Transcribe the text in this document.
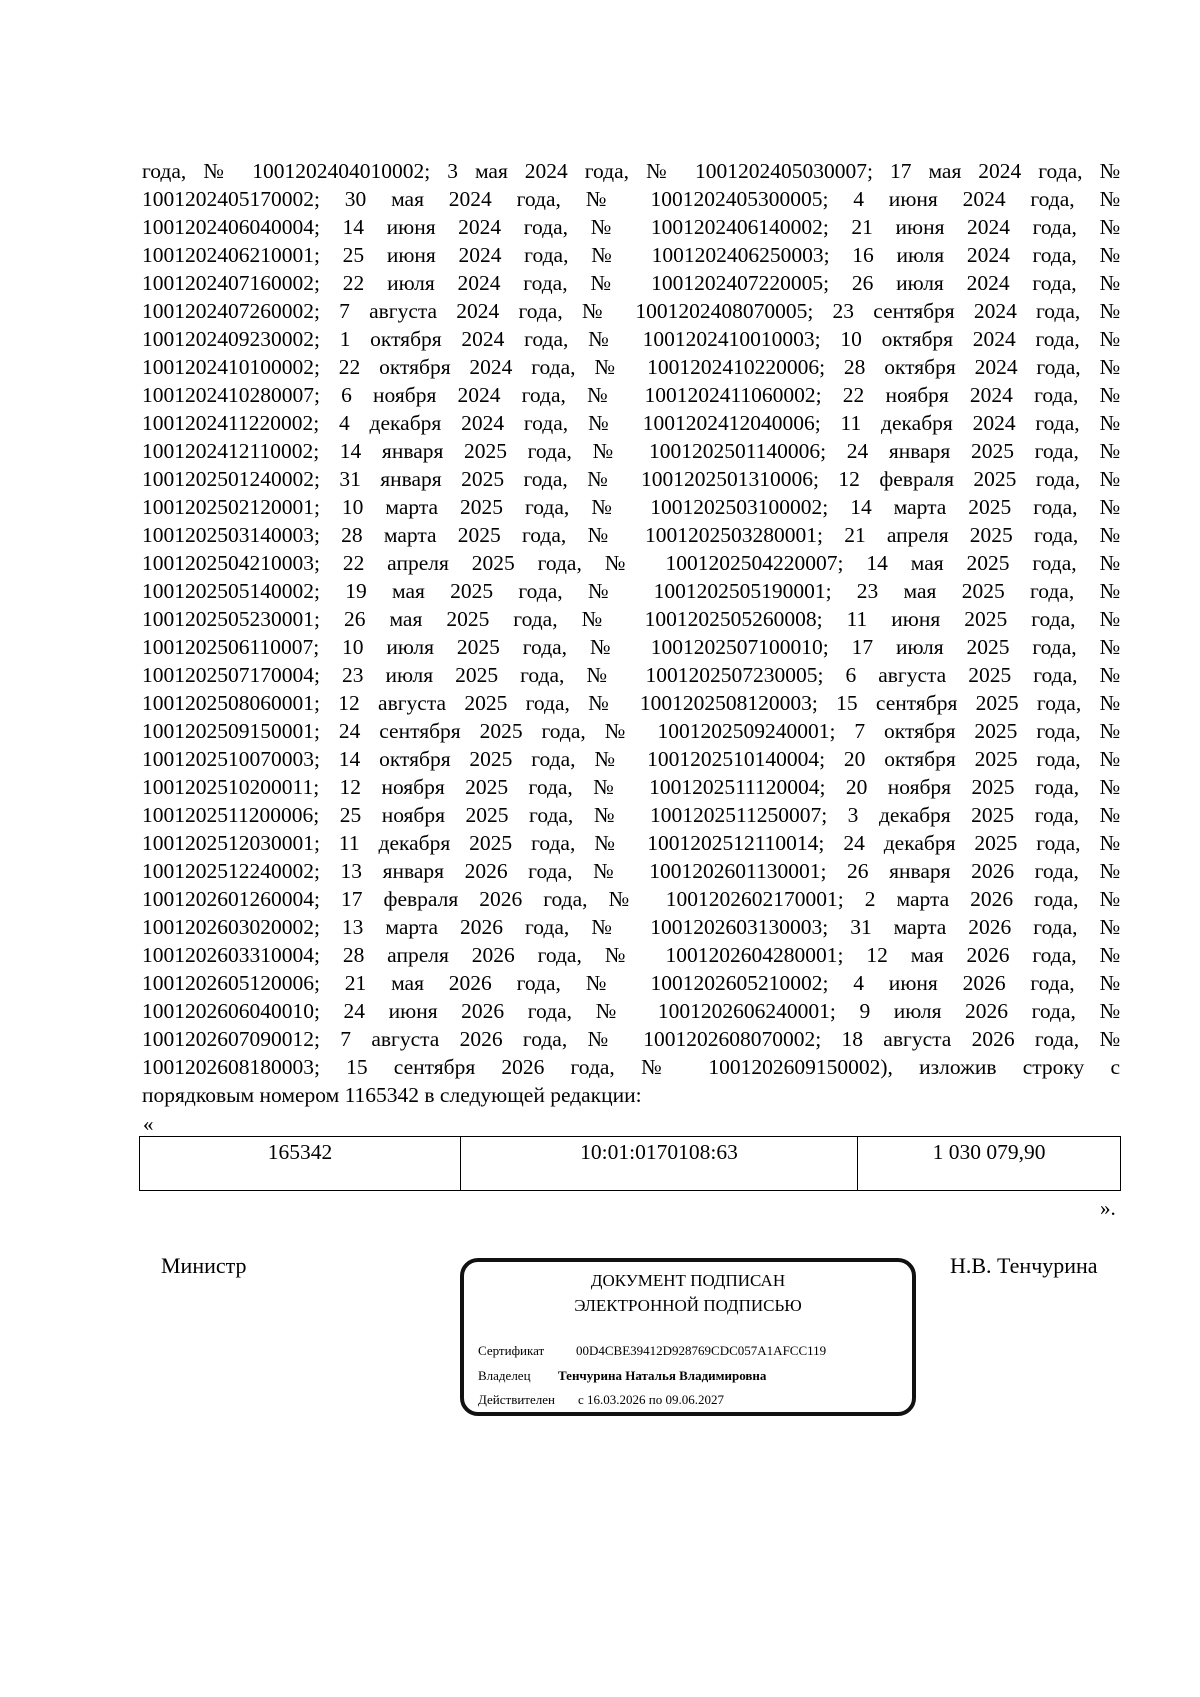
года, № 1001202404010002; 3 мая 2024 года, № 1001202405030007; 17 мая 2024 года, №
1001202405170002; 30 мая 2024 года, № 1001202405300005; 4 июня 2024 года, №
1001202406040004; 14 июня 2024 года, № 1001202406140002; 21 июня 2024 года, №
1001202406210001; 25 июня 2024 года, № 1001202406250003; 16 июля 2024 года, №
1001202407160002; 22 июля 2024 года, № 1001202407220005; 26 июля 2024 года, №
1001202407260002; 7 августа 2024 года, № 1001202408070005; 23 сентября 2024 года, №
1001202409230002; 1 октября 2024 года, № 1001202410010003; 10 октября 2024 года, №
1001202410100002; 22 октября 2024 года, № 1001202410220006; 28 октября 2024 года, №
1001202410280007; 6 ноября 2024 года, № 1001202411060002; 22 ноября 2024 года, №
1001202411220002; 4 декабря 2024 года, № 1001202412040006; 11 декабря 2024 года, №
1001202412110002; 14 января 2025 года, № 1001202501140006; 24 января 2025 года, №
1001202501240002; 31 января 2025 года, № 1001202501310006; 12 февраля 2025 года, №
1001202502120001; 10 марта 2025 года, № 1001202503100002; 14 марта 2025 года, №
1001202503140003; 28 марта 2025 года, № 1001202503280001; 21 апреля 2025 года, №
1001202504210003; 22 апреля 2025 года, № 1001202504220007; 14 мая 2025 года, №
1001202505140002; 19 мая 2025 года, № 1001202505190001; 23 мая 2025 года, №
1001202505230001; 26 мая 2025 года, № 1001202505260008; 11 июня 2025 года, №
1001202506110007; 10 июля 2025 года, № 1001202507100010; 17 июля 2025 года, №
1001202507170004; 23 июля 2025 года, № 1001202507230005; 6 августа 2025 года, №
1001202508060001; 12 августа 2025 года, № 1001202508120003; 15 сентября 2025 года, №
1001202509150001; 24 сентября 2025 года, № 1001202509240001; 7 октября 2025 года, №
1001202510070003; 14 октября 2025 года, № 1001202510140004; 20 октября 2025 года, №
1001202510200011; 12 ноября 2025 года, № 1001202511120004; 20 ноября 2025 года, №
1001202511200006; 25 ноября 2025 года, № 1001202511250007; 3 декабря 2025 года, №
1001202512030001; 11 декабря 2025 года, № 1001202512110014; 24 декабря 2025 года, №
1001202512240002; 13 января 2026 года, № 1001202601130001; 26 января 2026 года, №
1001202601260004; 17 февраля 2026 года, № 1001202602170001; 2 марта 2026 года, №
1001202603020002; 13 марта 2026 года, № 1001202603130003; 31 марта 2026 года, №
1001202603310004; 28 апреля 2026 года, № 1001202604280001; 12 мая 2026 года, №
1001202605120006; 21 мая 2026 года, № 1001202605210002; 4 июня 2026 года, №
1001202606040010; 24 июня 2026 года, № 1001202606240001; 9 июля 2026 года, №
1001202607090012; 7 августа 2026 года, № 1001202608070002; 18 августа 2026 года, №
1001202608180003; 15 сентября 2026 года, № 1001202609150002), изложив строку с
порядковым номером 1165342 в следующей редакции:
«
165342	10:01:0170108:63	1 030 079,90
».
Министр	Н.В. Тенчурина
ДОКУМЕНТ ПОДПИСАН
ЭЛЕКТРОННОЙ ПОДПИСЬЮ
Сертификат 00D4CBE39412D928769CDC057A1AFCC119
Владелец Тенчурина Наталья Владимировна
Действителен с 16.03.2026 по 09.06.2027
